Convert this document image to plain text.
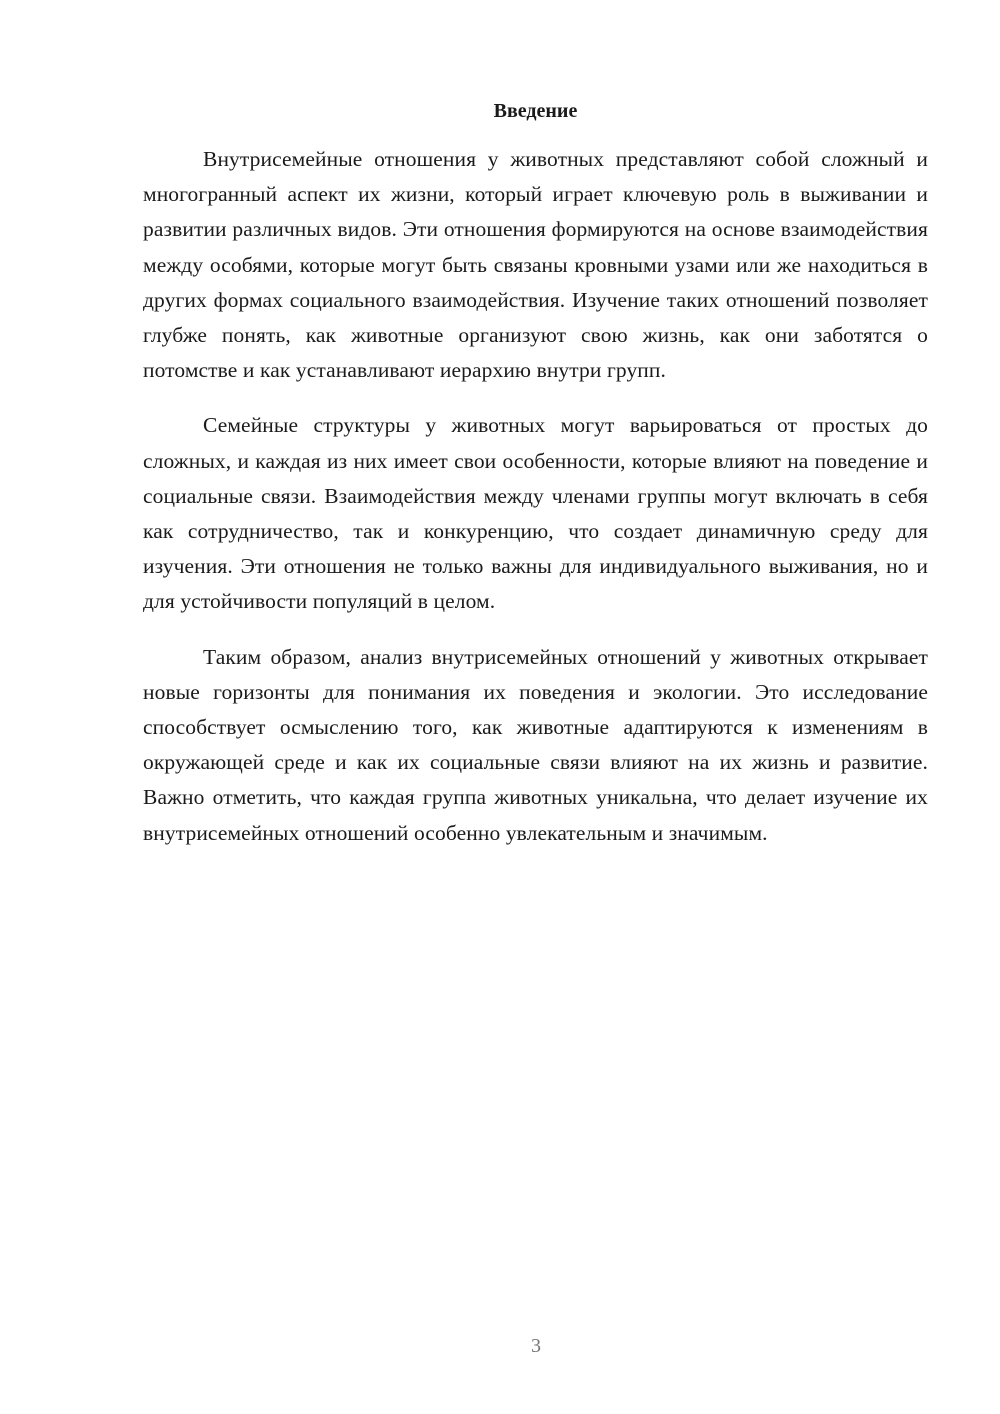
Введение

Внутрисемейные отношения у животных представляют собой сложный и многогранный аспект их жизни, который играет ключевую роль в выживании и развитии различных видов. Эти отношения формируются на основе взаимодействия между особями, которые могут быть связаны кровными узами или же находиться в других формах социального взаимодействия. Изучение таких отношений позволяет глубже понять, как животные организуют свою жизнь, как они заботятся о потомстве и как устанавливают иерархию внутри групп.

Семейные структуры у животных могут варьироваться от простых до сложных, и каждая из них имеет свои особенности, которые влияют на поведение и социальные связи. Взаимодействия между членами группы могут включать в себя как сотрудничество, так и конкуренцию, что создает динамичную среду для изучения. Эти отношения не только важны для индивидуального выживания, но и для устойчивости популяций в целом.

Таким образом, анализ внутрисемейных отношений у животных открывает новые горизонты для понимания их поведения и экологии. Это исследование способствует осмыслению того, как животные адаптируются к изменениям в окружающей среде и как их социальные связи влияют на их жизнь и развитие. Важно отметить, что каждая группа животных уникальна, что делает изучение их внутрисемейных отношений особенно увлекательным и значимым.

3
